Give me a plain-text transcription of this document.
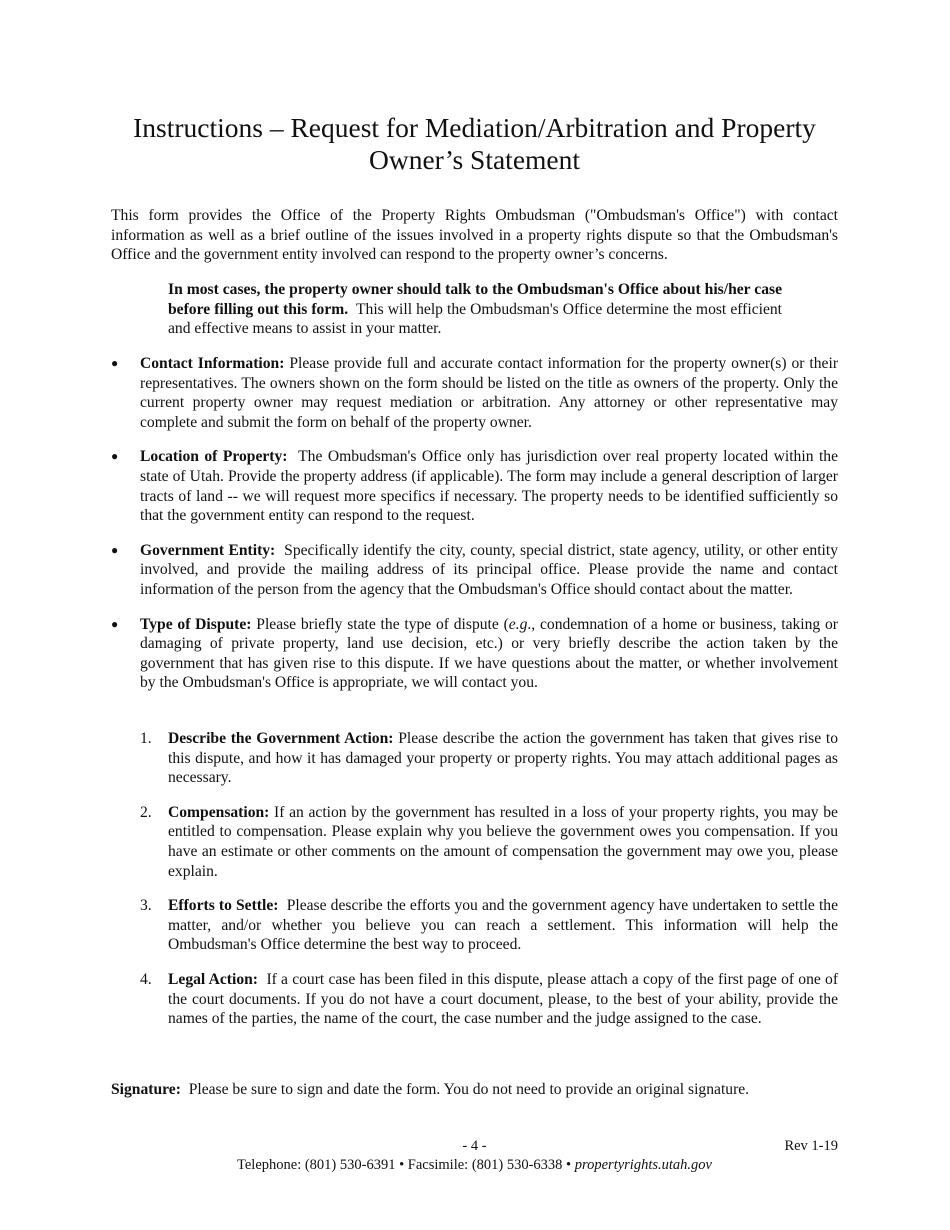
Instructions – Request for Mediation/Arbitration and Property Owner’s Statement

This form provides the Office of the Property Rights Ombudsman ("Ombudsman's Office") with contact information as well as a brief outline of the issues involved in a property rights dispute so that the Ombudsman's Office and the government entity involved can respond to the property owner’s concerns.

In most cases, the property owner should talk to the Ombudsman's Office about his/her case before filling out this form. This will help the Ombudsman's Office determine the most efficient and effective means to assist in your matter.

● Contact Information: Please provide full and accurate contact information for the property owner(s) or their representatives. The owners shown on the form should be listed on the title as owners of the property. Only the current property owner may request mediation or arbitration. Any attorney or other representative may complete and submit the form on behalf of the property owner.
● Location of Property: The Ombudsman's Office only has jurisdiction over real property located within the state of Utah. Provide the property address (if applicable). The form may include a general description of larger tracts of land -- we will request more specifics if necessary. The property needs to be identified sufficiently so that the government entity can respond to the request.
● Government Entity: Specifically identify the city, county, special district, state agency, utility, or other entity involved, and provide the mailing address of its principal office. Please provide the name and contact information of the person from the agency that the Ombudsman's Office should contact about the matter.
● Type of Dispute: Please briefly state the type of dispute (e.g., condemnation of a home or business, taking or damaging of private property, land use decision, etc.) or very briefly describe the action taken by the government that has given rise to this dispute. If we have questions about the matter, or whether involvement by the Ombudsman's Office is appropriate, we will contact you.
1. Describe the Government Action: Please describe the action the government has taken that gives rise to this dispute, and how it has damaged your property or property rights. You may attach additional pages as necessary.
2. Compensation: If an action by the government has resulted in a loss of your property rights, you may be entitled to compensation. Please explain why you believe the government owes you compensation. If you have an estimate or other comments on the amount of compensation the government may owe you, please explain.
3. Efforts to Settle: Please describe the efforts you and the government agency have undertaken to settle the matter, and/or whether you believe you can reach a settlement. This information will help the Ombudsman's Office determine the best way to proceed.
4. Legal Action: If a court case has been filed in this dispute, please attach a copy of the first page of one of the court documents. If you do not have a court document, please, to the best of your ability, provide the names of the parties, the name of the court, the case number and the judge assigned to the case.

Signature: Please be sure to sign and date the form. You do not need to provide an original signature.

- 4 -	Rev 1-19
Telephone: (801) 530-6391 • Facsimile: (801) 530-6338 • propertyrights.utah.gov
